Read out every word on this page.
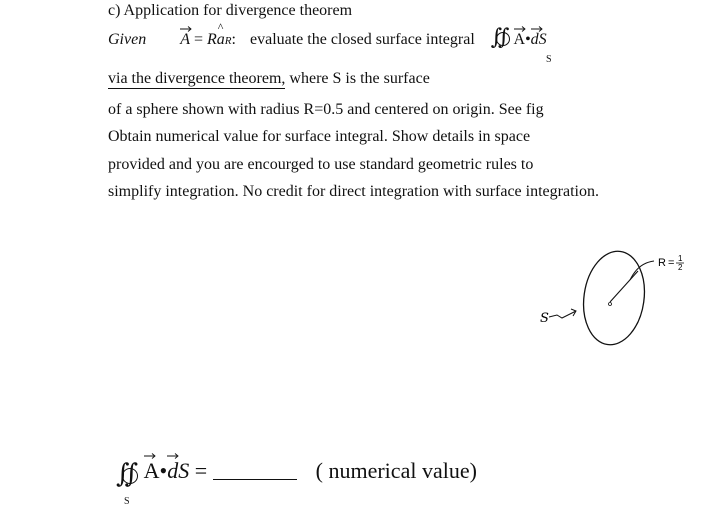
c) Application for divergence theorem
Given A = R^ aR: evaluate the closed surface integral ∬
A•
dS
S
via the divergence theorem, where S is the surface
of a sphere shown with radius R=0.5 and centered on origin. See fig
Obtain numerical value for surface integral. Show details in space
provided and you are encourged to use standard geometric rules to
simplify integration. No credit for direct integration with surface integration.
R = 1
2
S
∬
A•
dS =	( numerical value)
S
